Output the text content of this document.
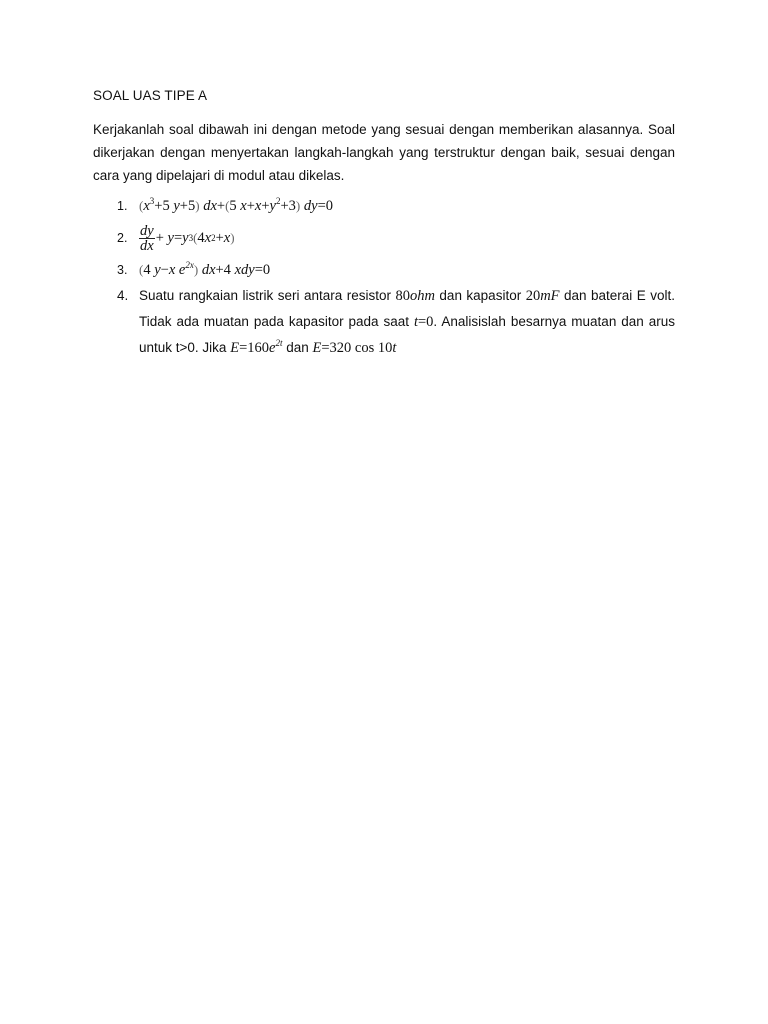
SOAL UAS TIPE A

Kerjakanlah soal dibawah ini dengan metode yang sesuai dengan memberikan alasannya. Soal dikerjakan dengan menyertakan langkah-langkah yang terstruktur dengan baik, sesuai dengan cara yang dipelajari di modul atau dikelas.
1. ($x^3+5$ y+5) dx+(5 $x+x+y^2+3$) dy=0
2. $\frac{dy}{dx} + y = y$ 3 ( 4 x 2 + x )
3. (4 y−x $e^{2x}$) dx+4 xdy=0
4. Suatu rangkaian listrik seri antara resistor 80ohm dan kapasitor 20mF dan baterai E volt. Tidak ada muatan pada kapasitor pada saat t=0. Analisislah besarnya muatan dan arus untuk t>0. Jika $E=160e^{2t}$ dan E=320 cos 10t
